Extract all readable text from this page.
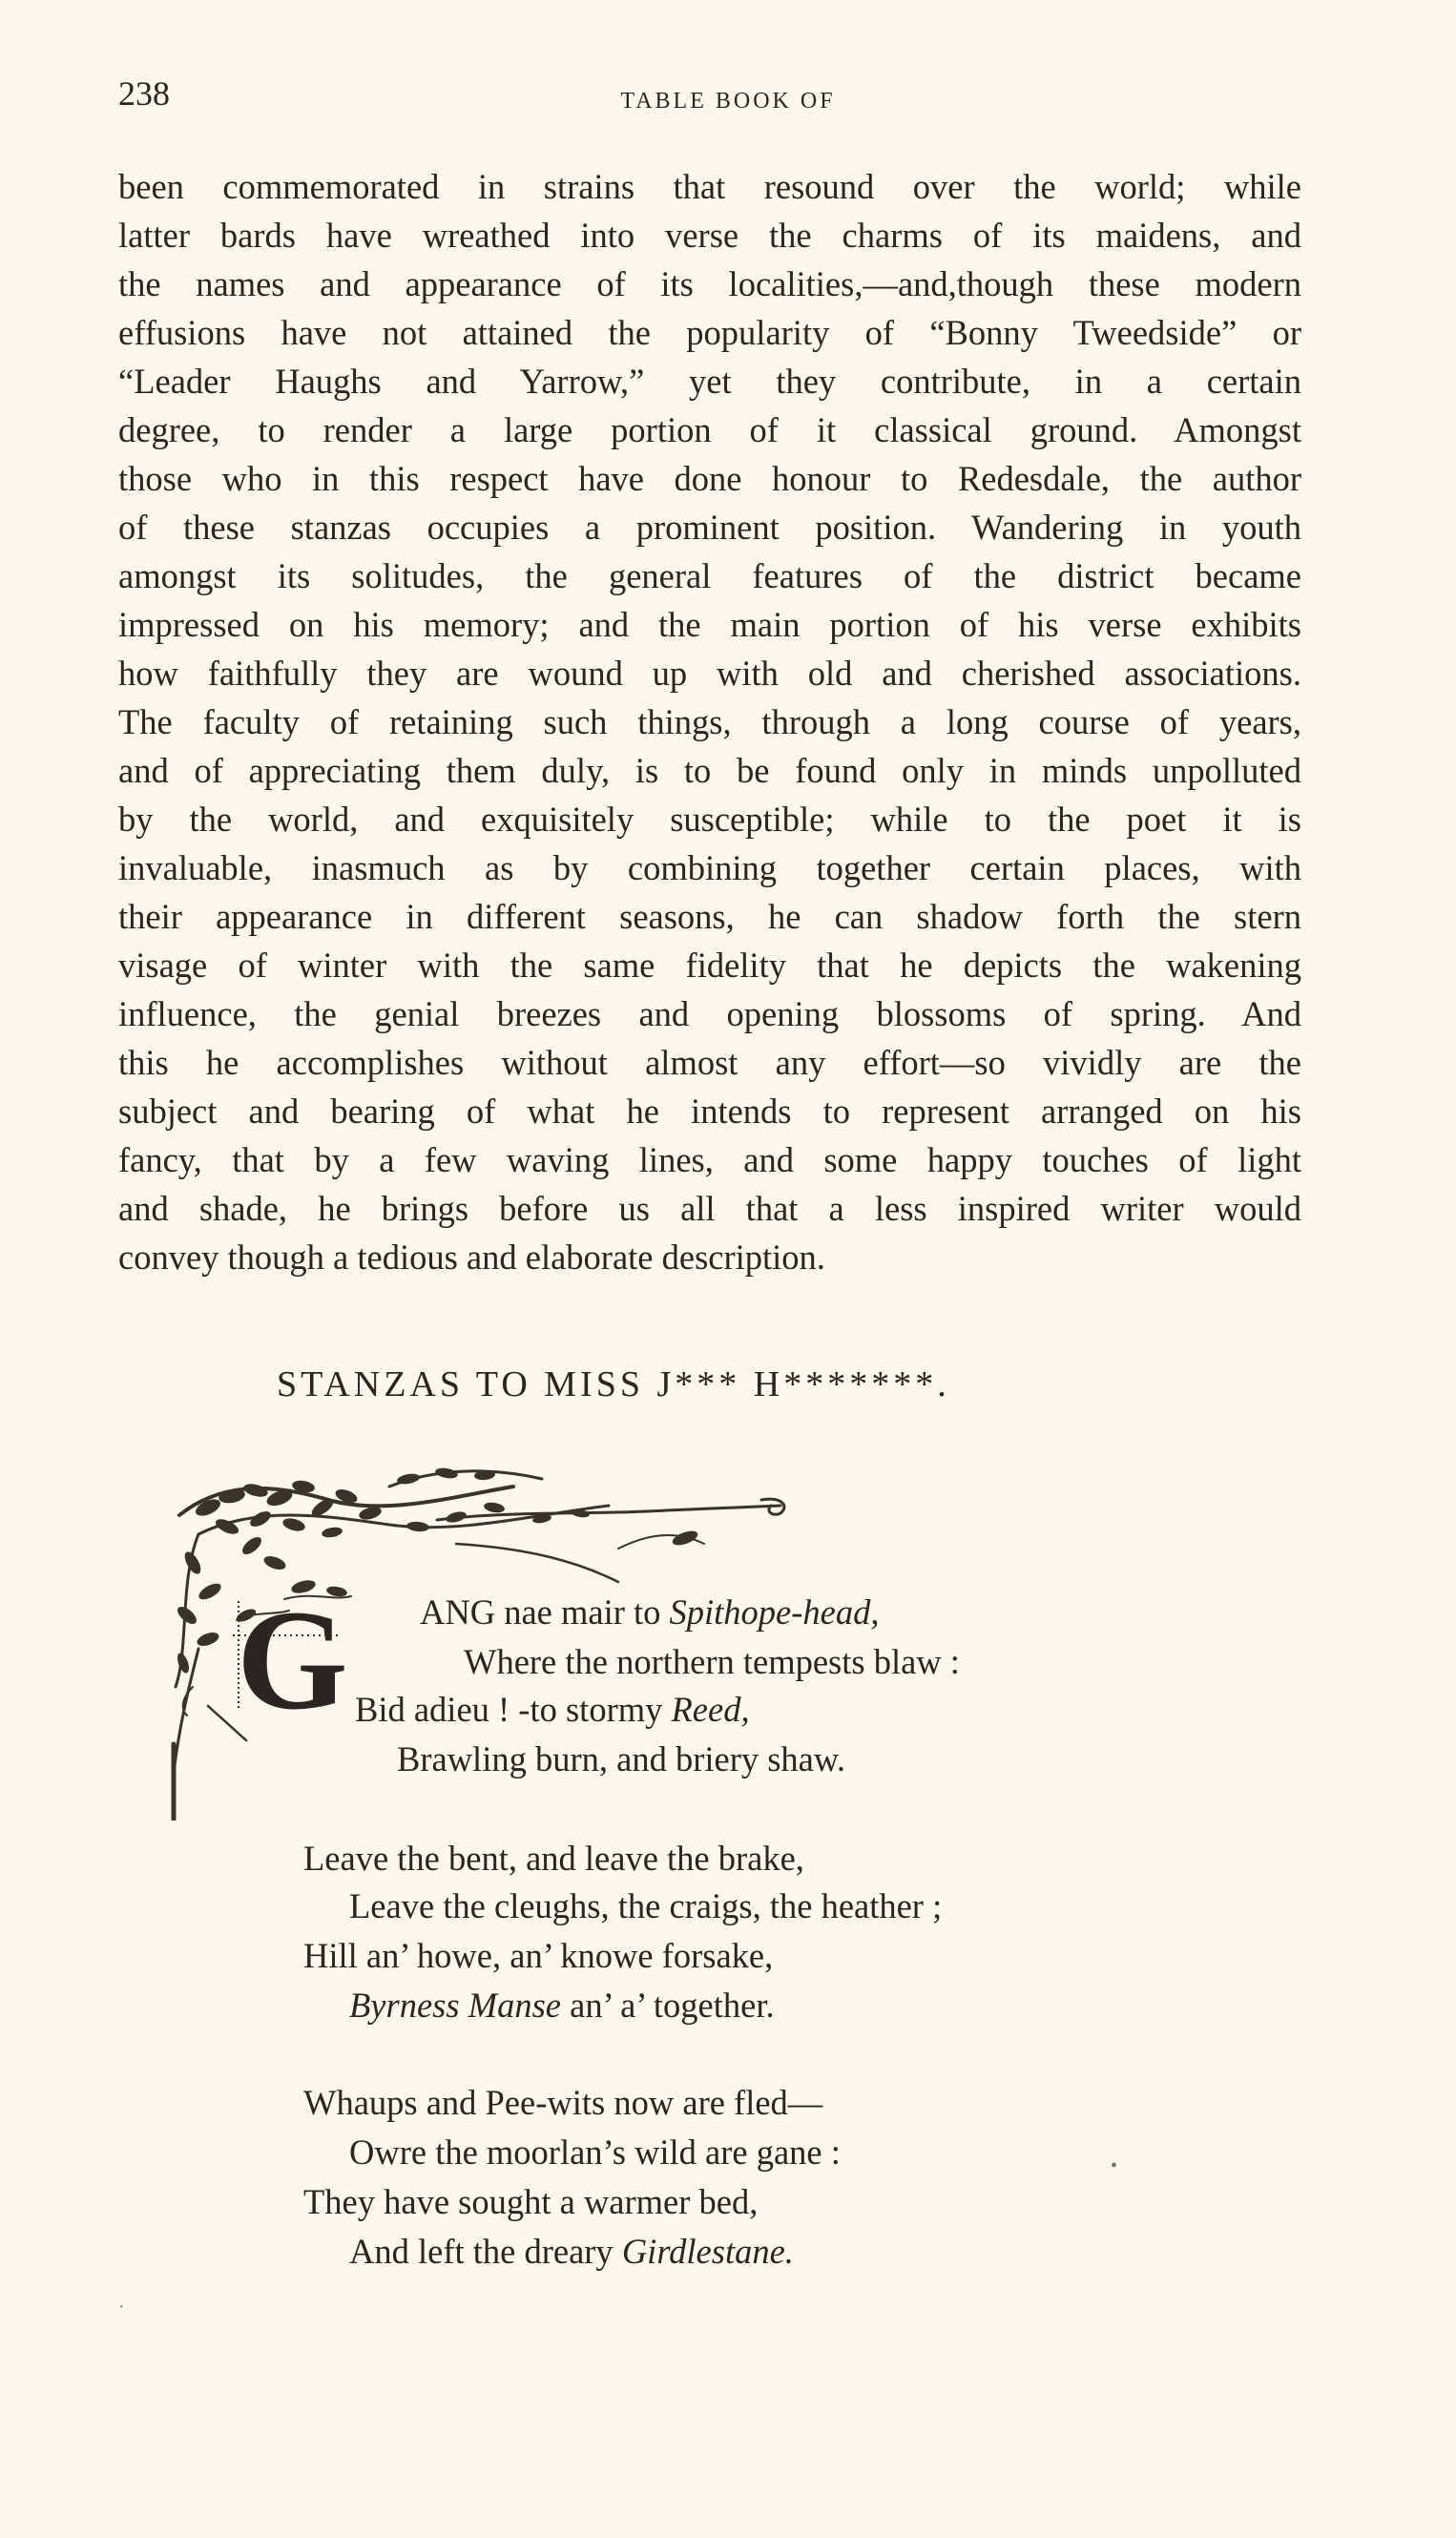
238	TABLE BOOK OF
been commemorated in strains that resound over the world; while
latter bards have wreathed into verse the charms of its maidens, and
the names and appearance of its localities,—and,though these modern
effusions have not attained the popularity of “Bonny Tweedside” or
“Leader Haughs and Yarrow,” yet they contribute, in a certain
degree, to render a large portion of it classical ground. Amongst
those who in this respect have done honour to Redesdale, the author
of these stanzas occupies a prominent position. Wandering in youth
amongst its solitudes, the general features of the district became
impressed on his memory; and the main portion of his verse exhibits
how faithfully they are wound up with old and cherished associations.
The faculty of retaining such things, through a long course of years,
and of appreciating them duly, is to be found only in minds unpolluted
by the world, and exquisitely susceptible; while to the poet it is
invaluable, inasmuch as by combining together certain places, with
their appearance in different seasons, he can shadow forth the stern
visage of winter with the same fidelity that he depicts the wakening
influence, the genial breezes and opening blossoms of spring. And
this he accomplishes without almost any effort—so vividly are the
subject and bearing of what he intends to represent arranged on his
fancy, that by a few waving lines, and some happy touches of light
and shade, he brings before us all that a less inspired writer would
convey though a tedious and elaborate description.
STANZAS TO MISS J*** H*******.
G ANG nae mair to Spithope-head,
Where the northern tempests blaw :
Bid adieu ! -to stormy Reed,
Brawling burn, and briery shaw.
Leave the bent, and leave the brake,
Leave the cleughs, the craigs, the heather ;
Hill an’ howe, an’ knowe forsake,
Byrness Manse an’ a’ together.
Whaups and Pee-wits now are fled—
Owre the moorlan’s wild are gane :
They have sought a warmer bed,
And left the dreary Girdlestane.
•
·
